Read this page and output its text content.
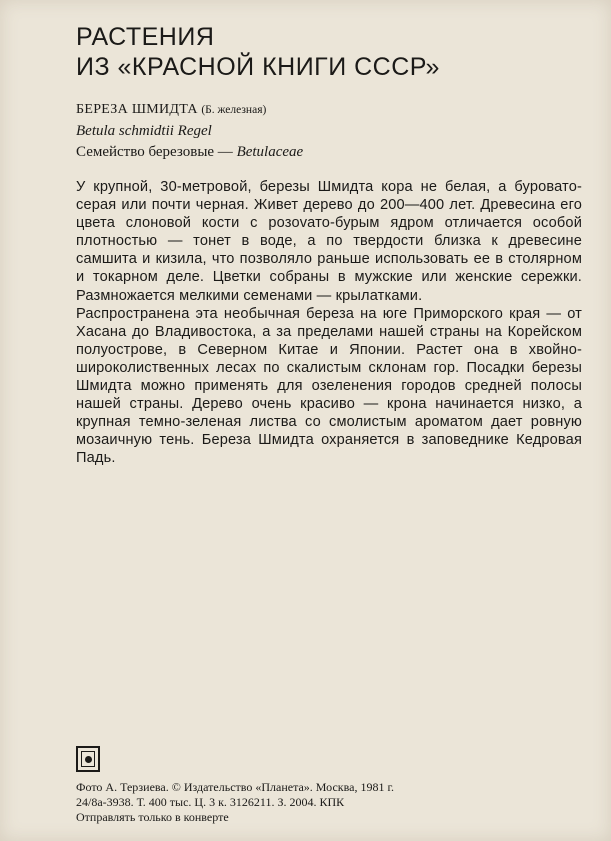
РАСТЕНИЯ
ИЗ «КРАСНОЙ КНИГИ СССР»
БЕРЕЗА ШМИДТА (Б. железная)
Betula schmidtii Regel
Семейство березовые — Betulaceae

У крупной, 30-метровой, березы Шмидта кора не белая, а буровато-серая или почти черная. Живет дерево до 200—400 лет. Древесина его цвета слоновой кости с розоvато-бурым ядром отличается особой плотностью — тонет в воде, а по твердости близка к древесине самшита и кизила, что позволяло раньше использовать ее в столярном и токарном деле. Цветки собраны в мужские или женские сережки. Размножается мелкими семенами — крылатками.

Распространена эта необычная береза на юге Приморского края — от Хасана до Владивостока, а за пределами нашей страны на Корейском полуострове, в Северном Китае и Японии. Растет она в хвойно-широколиственных лесах по скалистым склонам гор. Посадки березы Шмидта можно применять для озеленения городов средней полосы нашей страны. Дерево очень красиво — крона начинается низко, а крупная темно-зеленая листва со смолистым ароматом дает ровную мозаичную тень. Береза Шмидта охраняется в заповеднике Кедровая Падь.

Фото А. Терзиева. © Издательство «Планета». Москва, 1981 г.
24/8а-3938. Т. 400 тыс. Ц. 3 к. 3126211. З. 2004. КПК
Отправлять только в конверте
